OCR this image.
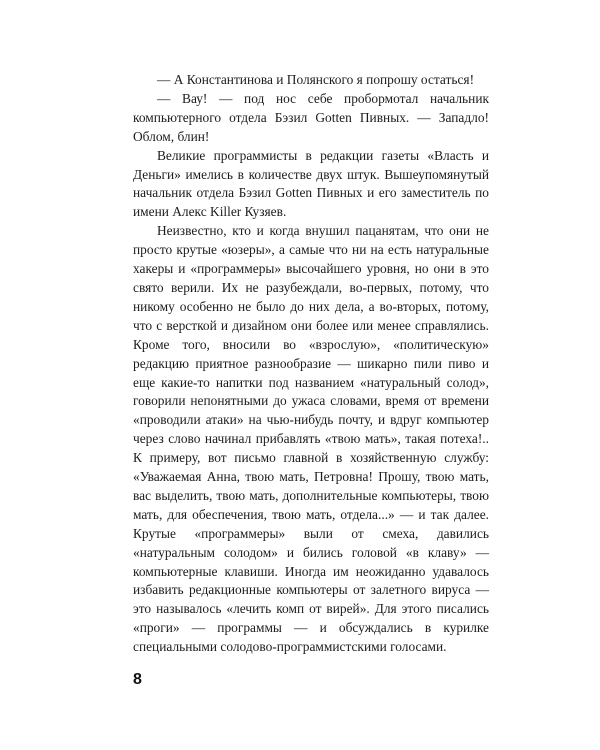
— А Константинова и Полянского я попрошу остаться!

— Вау! — под нос себе пробормотал начальник компьютерного отдела Бэзил Gotten Пивных. — Западло! Облом, блин!

Великие программисты в редакции газеты «Власть и Деньги» имелись в количестве двух штук. Вышеупомянутый начальник отдела Бэзил Gotten Пивных и его заместитель по имени Алекс Killer Кузяев.

Неизвестно, кто и когда внушил пацанятам, что они не просто крутые «юзеры», а самые что ни на есть натуральные хакеры и «программеры» высочайшего уровня, но они в это свято верили. Их не разубеждали, во-первых, потому, что никому особенно не было до них дела, а во-вторых, потому, что с версткой и дизайном они более или менее справлялись. Кроме того, вносили во «взрослую», «политическую» редакцию приятное разнообразие — шикарно пили пиво и еще какие-то напитки под названием «натуральный солод», говорили непонятными до ужаса словами, время от времени «проводили атаки» на чью-нибудь почту, и вдруг компьютер через слово начинал прибавлять «твою мать», такая потеха!.. К примеру, вот письмо главной в хозяйственную службу: «Уважаемая Анна, твою мать, Петровна! Прошу, твою мать, вас выделить, твою мать, дополнительные компьютеры, твою мать, для обеспечения, твою мать, отдела...» — и так далее. Крутые «программеры» выли от смеха, давились «натуральным солодом» и бились головой «в клаву» — компьютерные клавиши. Иногда им неожиданно удавалось избавить редакционные компьютеры от залетного вируса — это называлось «лечить комп от вирей». Для этого писались «проги» — программы — и обсуждались в курилке специальными солодово-программистскими голосами.

8
